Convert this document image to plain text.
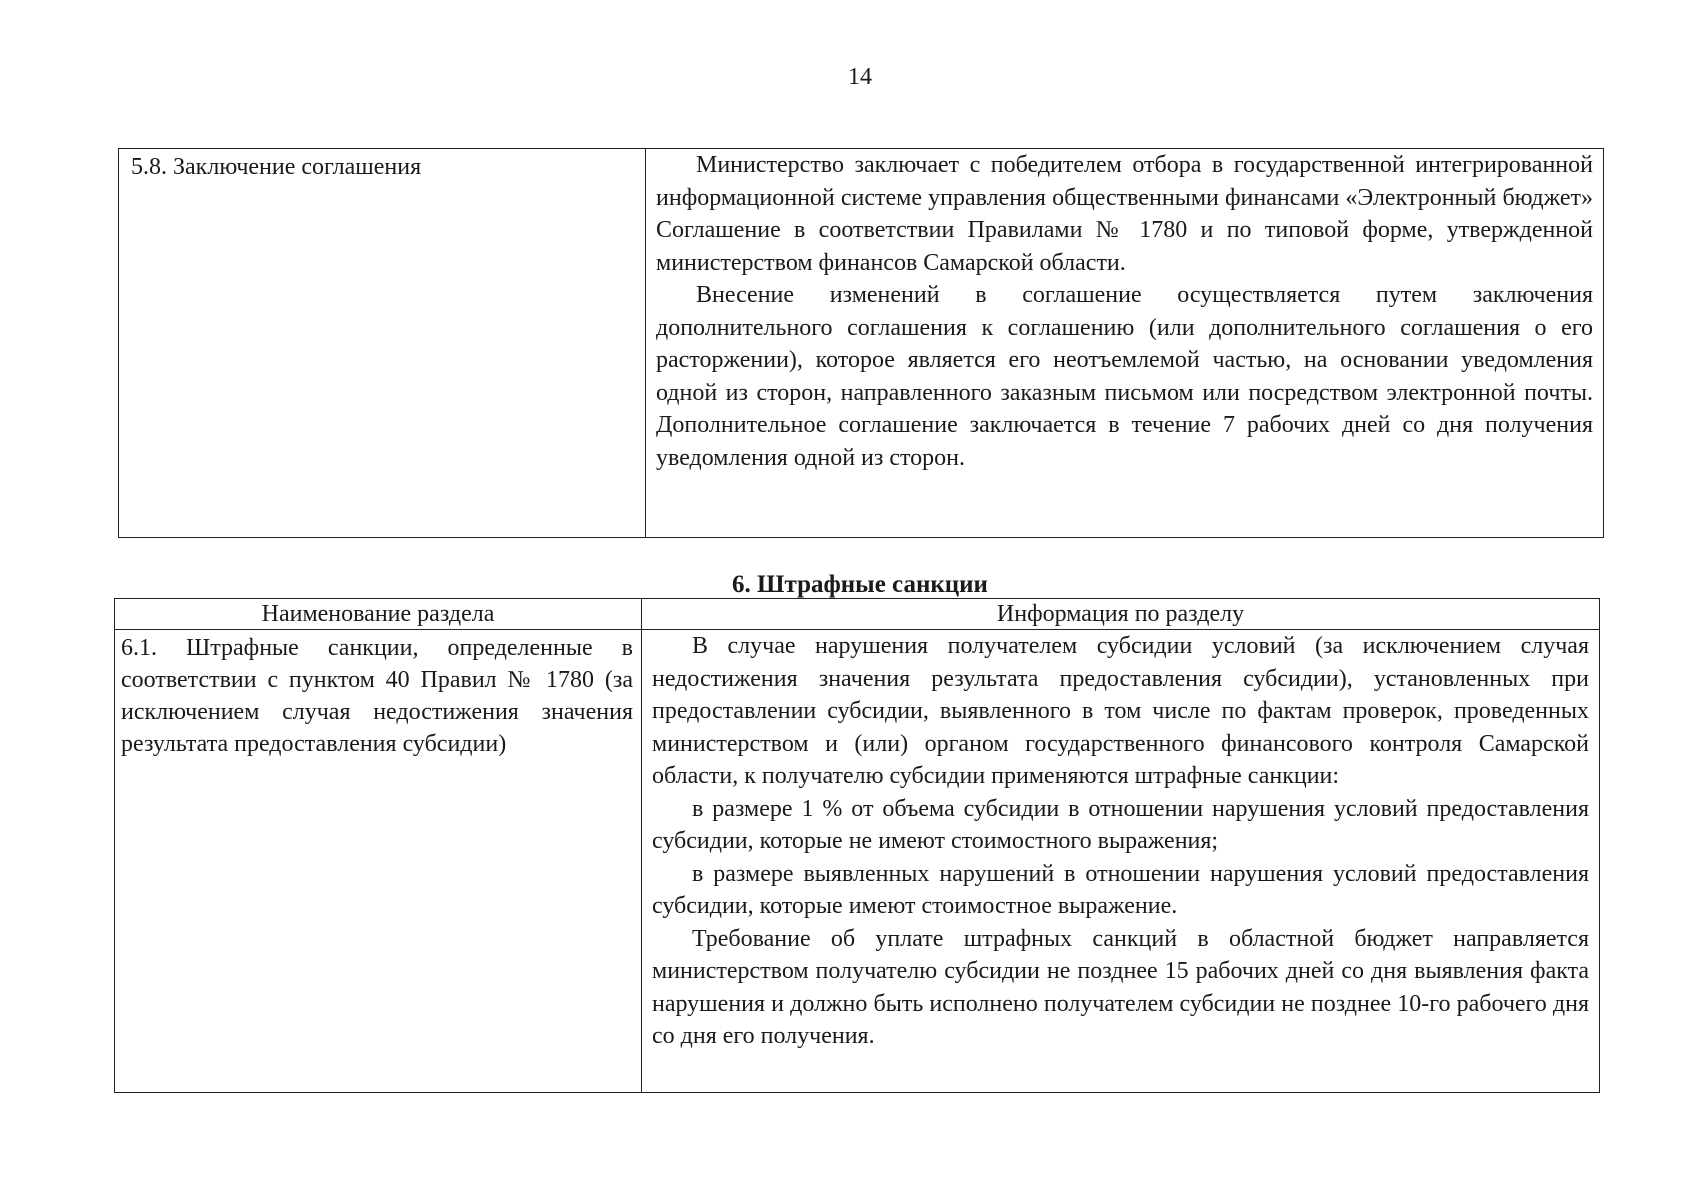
14
5.8. Заключение соглашения	Министерство заключает с победителем отбора в государственной интегрированной информационной системе управления общественными финансами «Электронный бюджет» Соглашение в соответствии Правилами № 1780 и по типовой форме, утвержденной министерством финансов Самарской области.

Внесение изменений в соглашение осуществляется путем заключения дополнительного соглашения к соглашению (или дополнительного соглашения о его расторжении), которое является его неотъемлемой частью, на основании уведомления одной из сторон, направленного заказным письмом или посредством электронной почты. Дополнительное соглашение заключается в течение 7 рабочих дней со дня получения уведомления одной из сторон.

6. Штрафные санкции
Наименование раздела	Информация по разделу

6.1. Штрафные санкции, определенные в соответствии с пунктом 40 Правил № 1780 (за исключением случая недостижения значения результата предоставления субсидии)	В случае нарушения получателем субсидии условий (за исключением случая недостижения значения результата предоставления субсидии), установленных при предоставлении субсидии, выявленного в том числе по фактам проверок, проведенных министерством и (или) органом государственного финансового контроля Самарской области, к получателю субсидии применяются штрафные санкции:

в размере 1 % от объема субсидии в отношении нарушения условий предоставления субсидии, которые не имеют стоимостного выражения;

в размере выявленных нарушений в отношении нарушения условий предоставления субсидии, которые имеют стоимостное выражение.

Требование об уплате штрафных санкций в областной бюджет направляется министерством получателю субсидии не позднее 15 рабочих дней со дня выявления факта нарушения и должно быть исполнено получателем субсидии не позднее 10-го рабочего дня со дня его получения.
